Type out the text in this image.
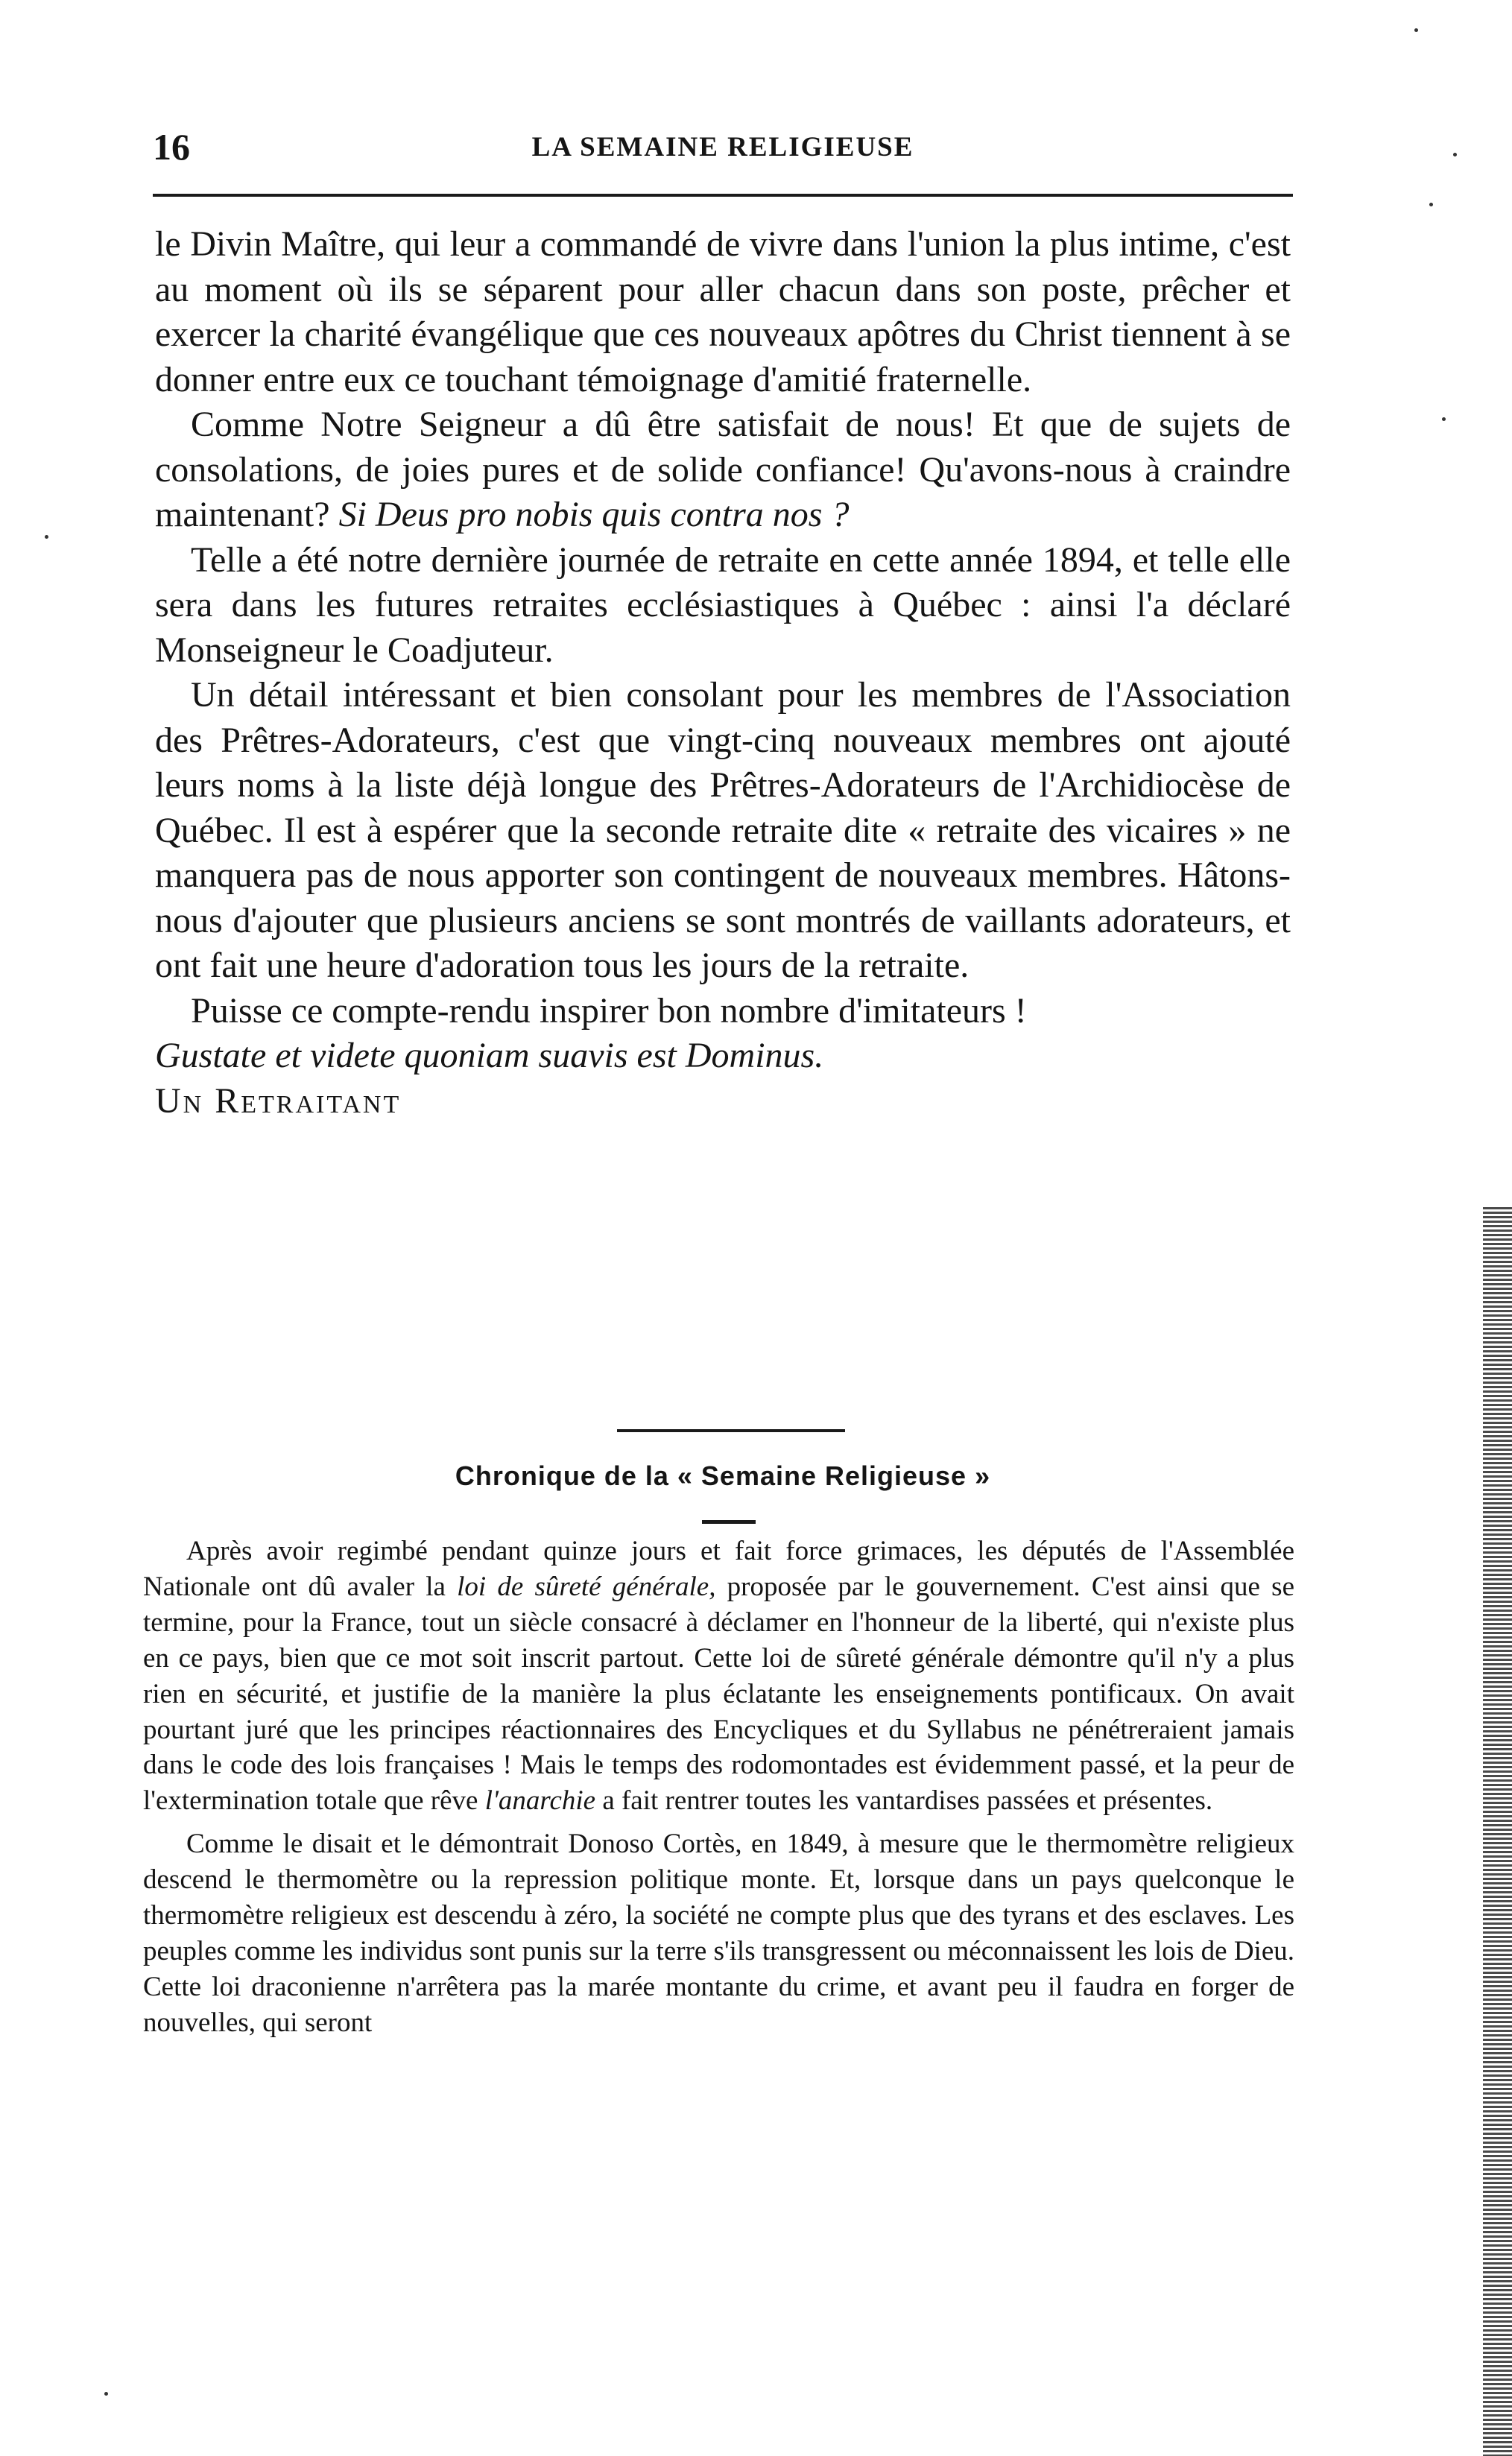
16	LA SEMAINE RELIGIEUSE

le Divin Maître, qui leur a commandé de vivre dans l'union la plus intime, c'est au moment où ils se séparent pour aller chacun dans son poste, prêcher et exercer la charité évangélique que ces nouveaux apôtres du Christ tiennent à se donner entre eux ce touchant témoignage d'amitié fraternelle.

Comme Notre Seigneur a dû être satisfait de nous! Et que de sujets de consolations, de joies pures et de solide confiance! Qu'avons-nous à craindre maintenant? Si Deus pro nobis quis contra nos ?

Telle a été notre dernière journée de retraite en cette année 1894, et telle elle sera dans les futures retraites ecclésiastiques à Québec : ainsi l'a déclaré Monseigneur le Coadjuteur.

Un détail intéressant et bien consolant pour les membres de l'Association des Prêtres-Adorateurs, c'est que vingt-cinq nouveaux membres ont ajouté leurs noms à la liste déjà longue des Prêtres-Adorateurs de l'Archidiocèse de Québec. Il est à espérer que la seconde retraite dite « retraite des vicaires » ne manquera pas de nous apporter son contingent de nouveaux membres. Hâtons-nous d'ajouter que plusieurs anciens se sont montrés de vaillants adorateurs, et ont fait une heure d'adoration tous les jours de la retraite.

Puisse ce compte-rendu inspirer bon nombre d'imitateurs !

Gustate et videte quoniam suavis est Dominus.

Un Retraitant

Chronique de la « Semaine Religieuse »

Après avoir regimbé pendant quinze jours et fait force grimaces, les députés de l'Assemblée Nationale ont dû avaler la loi de sûreté générale, proposée par le gouvernement. C'est ainsi que se termine, pour la France, tout un siècle consacré à déclamer en l'honneur de la liberté, qui n'existe plus en ce pays, bien que ce mot soit inscrit partout. Cette loi de sûreté générale démontre qu'il n'y a plus rien en sécurité, et justifie de la manière la plus éclatante les enseignements pontificaux. On avait pourtant juré que les principes réactionnaires des Encycliques et du Syllabus ne pénétreraient jamais dans le code des lois françaises ! Mais le temps des rodomontades est évidemment passé, et la peur de l'extermination totale que rêve l'anarchie a fait rentrer toutes les vantardises passées et présentes.

Comme le disait et le démontrait Donoso Cortès, en 1849, à mesure que le thermomètre religieux descend le thermomètre ou la repression politique monte. Et, lorsque dans un pays quelconque le thermomètre religieux est descendu à zéro, la société ne compte plus que des tyrans et des esclaves. Les peuples comme les individus sont punis sur la terre s'ils transgressent ou méconnaissent les lois de Dieu. Cette loi draconienne n'arrêtera pas la marée montante du crime, et avant peu il faudra en forger de nouvelles, qui seront
